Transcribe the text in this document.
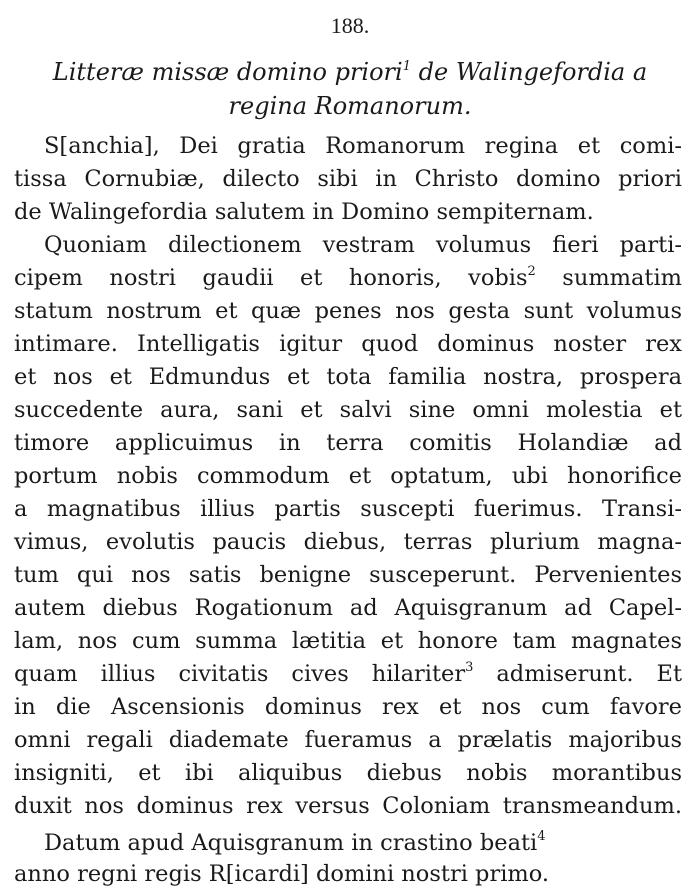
188.
Litteræ missæ domino priori$^1$ de Walingefordia a
regina Romanorum.
S[anchia], Dei gratia Romanorum regina et comi-
tissa Cornubiæ, dilecto sibi in Christo domino priori
de Walingefordia salutem in Domino sempiternam.
Quoniam dilectionem vestram volumus fieri parti-
cipem nostri gaudii et honoris, vobis$^2$ summatim
statum nostrum et quæ penes nos gesta sunt volumus
intimare. Intelligatis igitur quod dominus noster rex
et nos et Edmundus et tota familia nostra, prospera
succedente aura, sani et salvi sine omni molestia et
timore applicuimus in terra comitis Holandiæ ad
portum nobis commodum et optatum, ubi honorifice
a magnatibus illius partis suscepti fuerimus. Transi-
vimus, evolutis paucis diebus, terras plurium magna-
tum qui nos satis benigne susceperunt. Pervenientes
autem diebus Rogationum ad Aquisgranum ad Capel-
lam, nos cum summa lætitia et honore tam magnates
quam illius civitatis cives hilariter$^3$ admiserunt. Et
in die Ascensionis dominus rex et nos cum favore
omni regali diademate fueramus a prælatis majoribus
insigniti, et ibi aliquibus diebus nobis morantibus
duxit nos dominus rex versus Coloniam transmeandum.
Datum apud Aquisgranum in crastino beati$^4$
anno regni regis R[icardi] domini nostri primo.
